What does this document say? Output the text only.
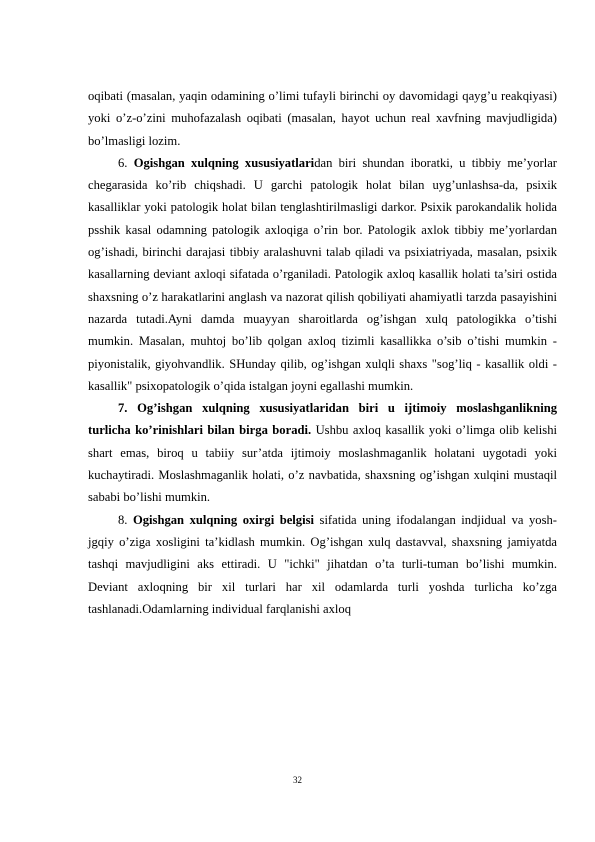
oqibati (masalan, yaqin odamining o’limi tufayli birinchi oy davomidagi qayg’u reakqiyasi) yoki o’z-o’zini muhofazalash oqibati (masalan, hayot uchun real xavfning mavjudligida) bo’lmasligi lozim.

6. Ogishgan xulqning xususiyatlaridan biri shundan iboratki, u tibbiy me’yorlar chegarasida ko’rib chiqshadi. U garchi patologik holat bilan uyg’unlashsa-da, psixik kasalliklar yoki patologik holat bilan tenglashtirilmasligi darkor. Psixik parokandalik holida psshik kasal odamning patologik axloqiga o’rin bor. Patologik axlok tibbiy me’yorlardan og’ishadi, birinchi darajasi tibbiy aralashuvni talab qiladi va psixiatriyada, masalan, psixik kasallarning deviant axloqi sifatada o’rganiladi. Patologik axloq kasallik holati ta’siri ostida shaxsning o’z harakatlarini anglash va nazorat qilish qobiliyati ahamiyatli tarzda pasayishini nazarda tutadi.Ayni damda muayyan sharoitlarda og’ishgan xulq patologikka o’tishi mumkin. Masalan, muhtoj bo’lib qolgan axloq tizimli kasallikka o’sib o’tishi mumkin - piyonistalik, giyohvandlik. SHunday qilib, og’ishgan xulqli shaxs "sog’liq - kasallik oldi -kasallik" psixopatologik o’qida istalgan joyni egallashi mumkin.

7. Og’ishgan xulqning xususiyatlaridan biri u ijtimoiy moslashganlikning turlicha ko’rinishlari bilan birga boradi. Ushbu axloq kasallik yoki o’limga olib kelishi shart emas, biroq u tabiiy sur’atda ijtimoiy moslashmaganlik holatani uygotadi yoki kuchaytiradi. Moslashmaganlik holati, o’z navbatida, shaxsning og’ishgan xulqini mustaqil sababi bo’lishi mumkin.

8. Ogishgan xulqning oxirgi belgisi sifatida uning ifodalangan indjidual va yosh-jgqiy o’ziga xosligini ta’kidlash mumkin. Og’ishgan xulq dastavval, shaxsning jamiyatda tashqi mavjudligini aks ettiradi. U "ichki" jihatdan o’ta turli-tuman bo’lishi mumkin. Deviant axloqning bir xil turlari har xil odamlarda turli yoshda turlicha ko’zga tashlanadi.Odamlarning individual farqlanishi axloq

32
